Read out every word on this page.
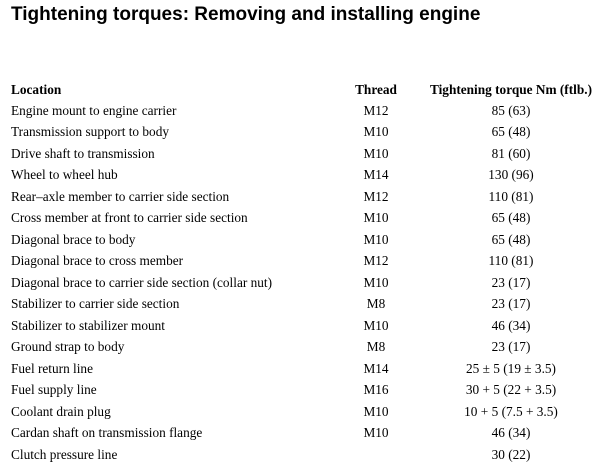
Tightening torques: Removing and installing engine
Location	Thread	Tightening torque Nm (ftlb.)
Engine mount to engine carrier	M12	85 (63)
Transmission support to body	M10	65 (48)
Drive shaft to transmission	M10	81 (60)
Wheel to wheel hub	M14	130 (96)
Rear–axle member to carrier side section	M12	110 (81)
Cross member at front to carrier side section	M10	65 (48)
Diagonal brace to body	M10	65 (48)
Diagonal brace to cross member	M12	110 (81)
Diagonal brace to carrier side section (collar nut)	M10	23 (17)
Stabilizer to carrier side section	M8	23 (17)
Stabilizer to stabilizer mount	M10	46 (34)
Ground strap to body	M8	23 (17)
Fuel return line	M14	25 ± 5 (19 ± 3.5)
Fuel supply line	M16	30 + 5 (22 + 3.5)
Coolant drain plug	M10	10 + 5 (7.5 + 3.5)
Cardan shaft on transmission flange	M10	46 (34)
Clutch pressure line		30 (22)
